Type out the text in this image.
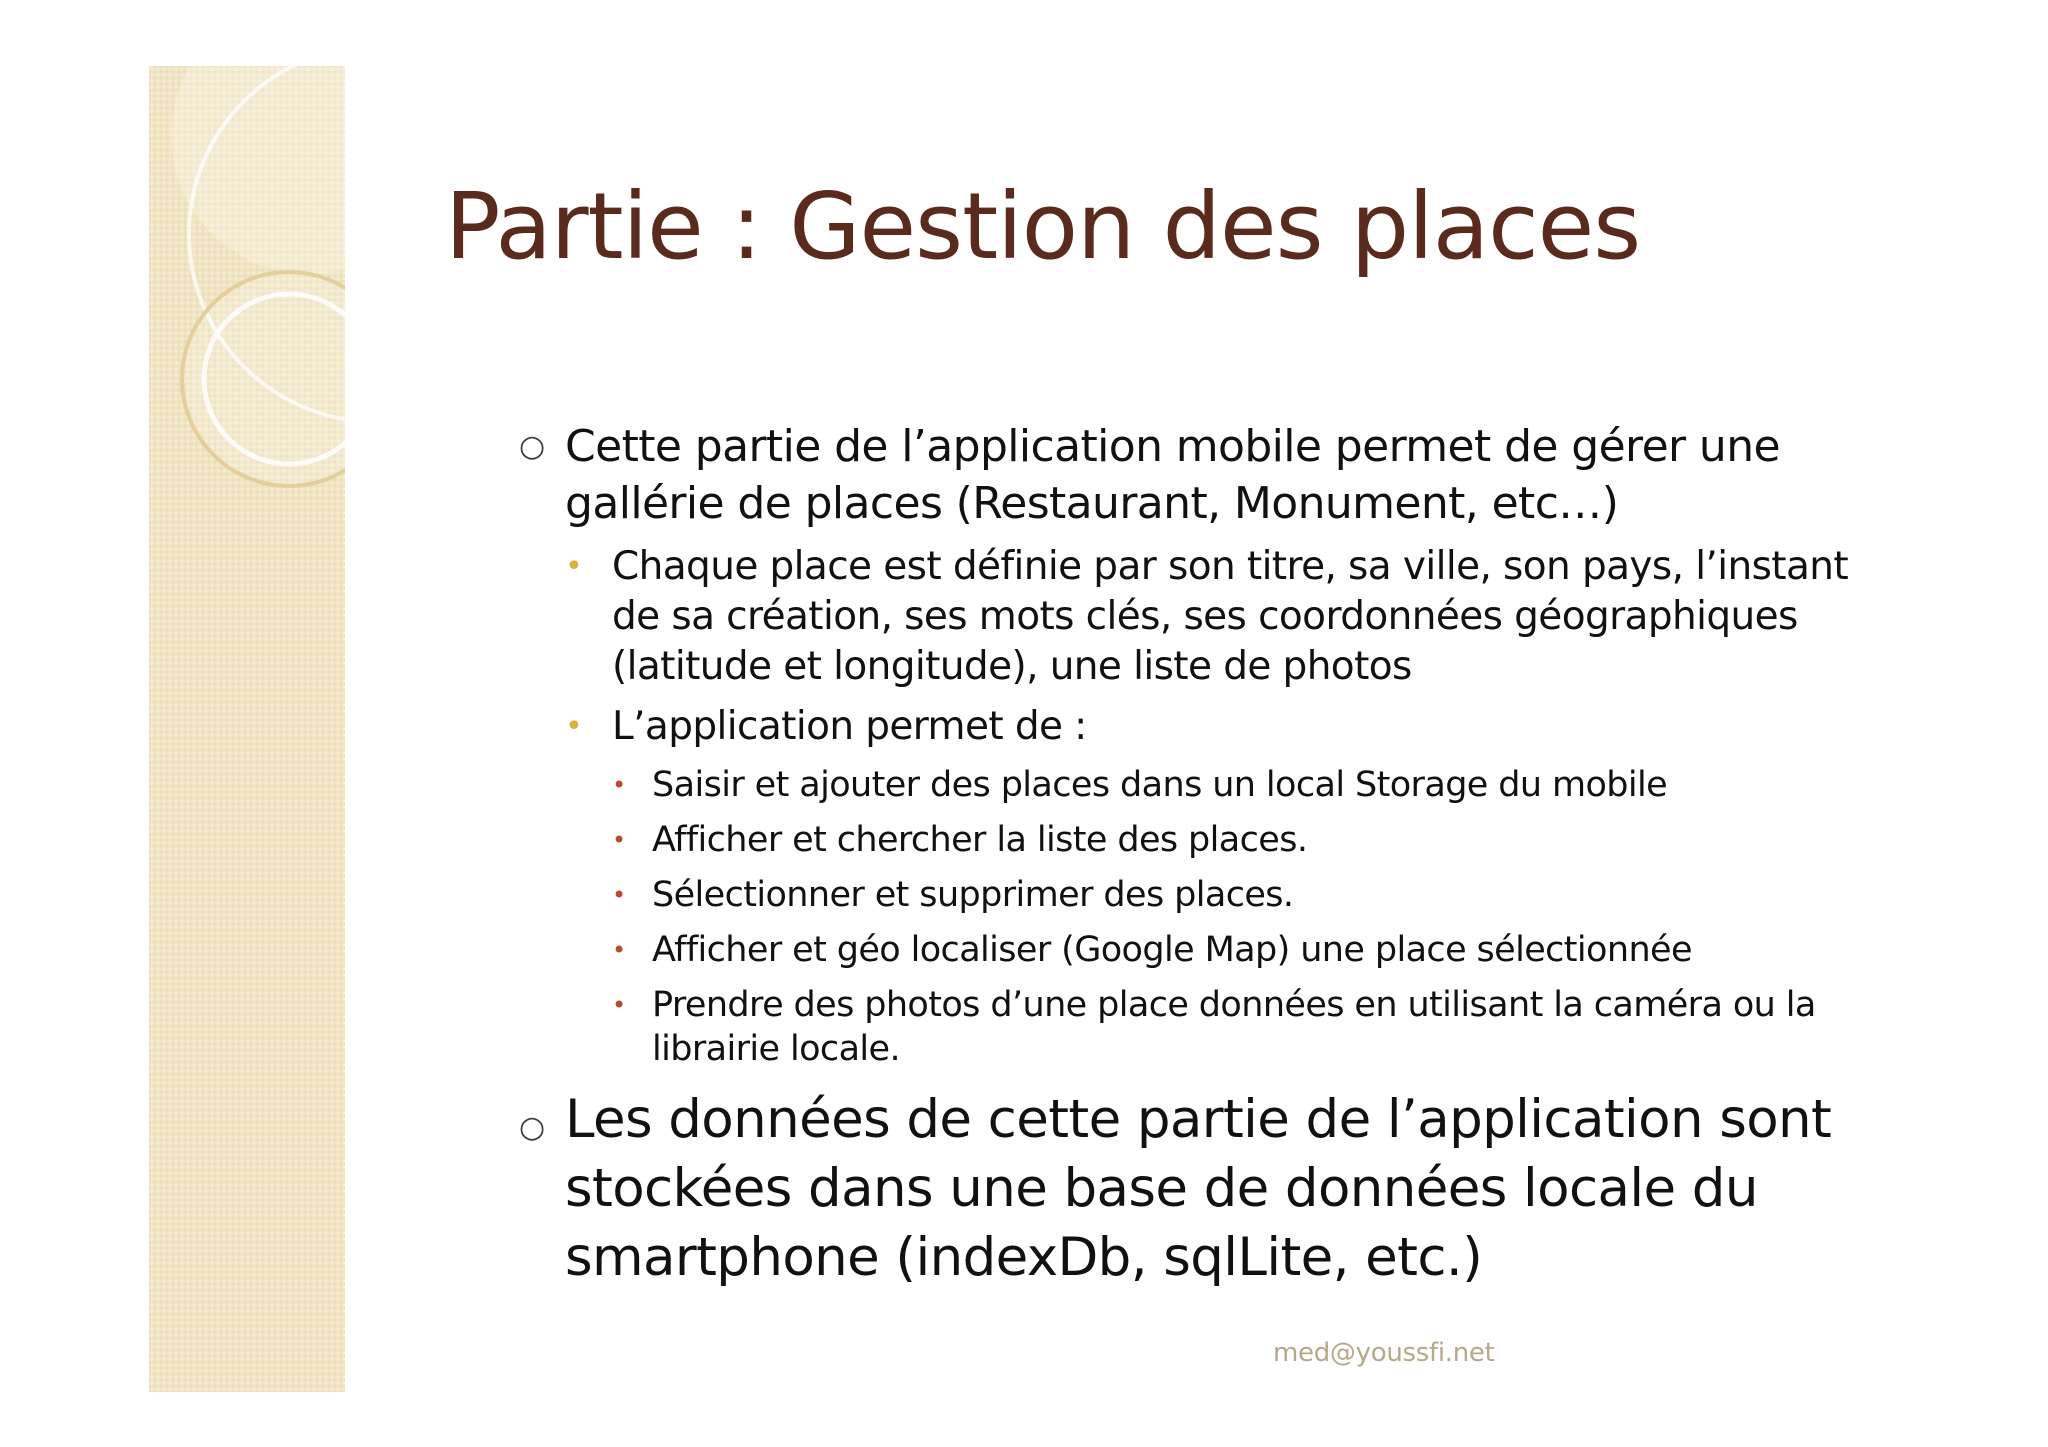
Partie : Gestion des places
○ Cette partie de l’application mobile permet de gérer une gallérie de places (Restaurant, Monument, etc…)
• Chaque place est définie par son titre, sa ville, son pays, l’instant de sa création, ses mots clés, ses coordonnées géographiques (latitude et longitude), une liste de photos
• L’application permet de :
• Saisir et ajouter des places dans un local Storage du mobile
• Afficher et chercher la liste des places.
• Sélectionner et supprimer des places.
• Afficher et géo localiser (Google Map) une place sélectionnée
• Prendre des photos d’une place données en utilisant la caméra ou la librairie locale.
○ Les données de cette partie de l’application sont stockées dans une base de données locale du smartphone (indexDb, sqlLite, etc.)
med@youssfi.net
